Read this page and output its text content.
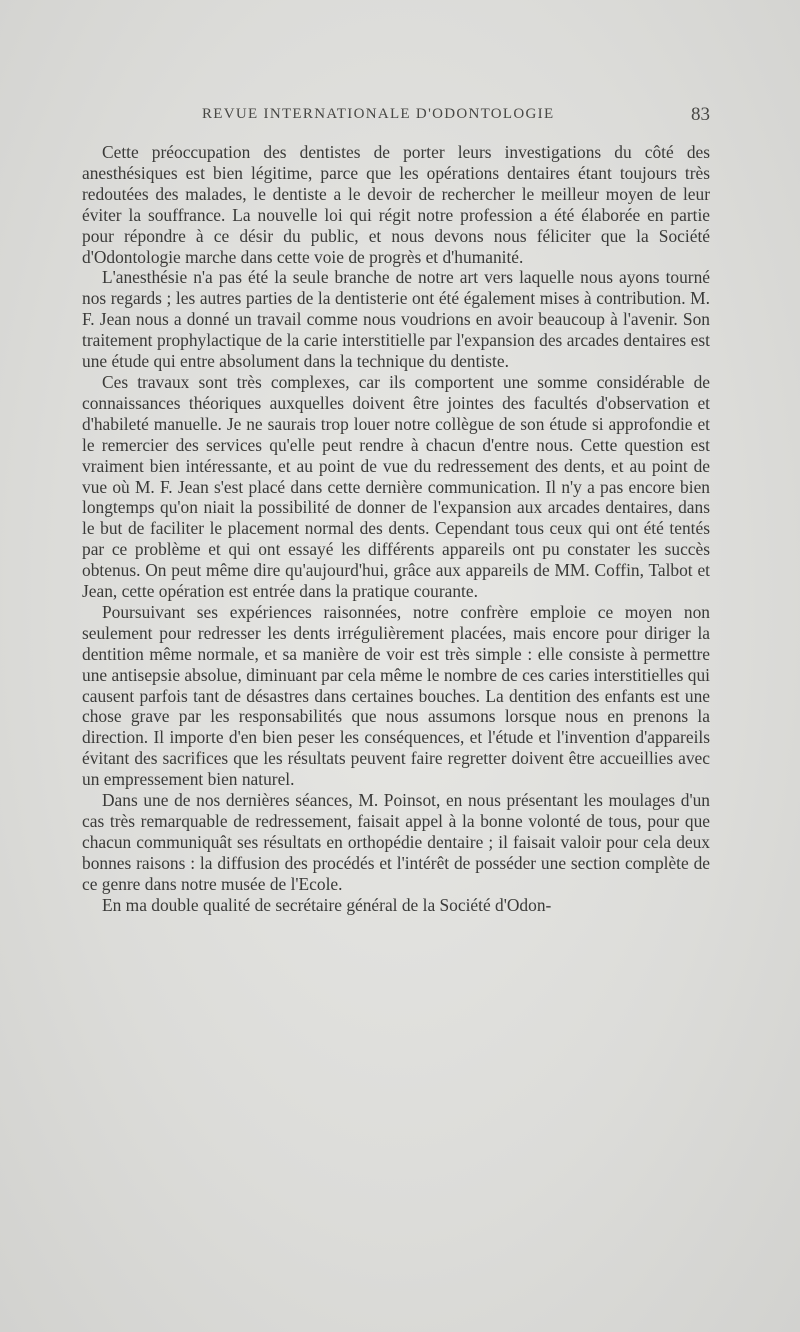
REVUE INTERNATIONALE D'ODONTOLOGIE	83

Cette préoccupation des dentistes de porter leurs investigations du côté des anesthésiques est bien légitime, parce que les opérations dentaires étant toujours très redoutées des malades, le dentiste a le devoir de rechercher le meilleur moyen de leur éviter la souffrance. La nouvelle loi qui régit notre profession a été élaborée en partie pour répondre à ce désir du public, et nous devons nous féliciter que la Société d'Odontologie marche dans cette voie de progrès et d'humanité.

L'anesthésie n'a pas été la seule branche de notre art vers laquelle nous ayons tourné nos regards ; les autres parties de la dentisterie ont été également mises à contribution. M. F. Jean nous a donné un travail comme nous voudrions en avoir beaucoup à l'avenir. Son traitement prophylactique de la carie interstitielle par l'expansion des arcades dentaires est une étude qui entre absolument dans la technique du dentiste.

Ces travaux sont très complexes, car ils comportent une somme considérable de connaissances théoriques auxquelles doivent être jointes des facultés d'observation et d'habileté manuelle. Je ne saurais trop louer notre collègue de son étude si approfondie et le remercier des services qu'elle peut rendre à chacun d'entre nous. Cette question est vraiment bien intéressante, et au point de vue du redressement des dents, et au point de vue où M. F. Jean s'est placé dans cette dernière communication. Il n'y a pas encore bien longtemps qu'on niait la possibilité de donner de l'expansion aux arcades dentaires, dans le but de faciliter le placement normal des dents. Cependant tous ceux qui ont été tentés par ce problème et qui ont essayé les différents appareils ont pu constater les succès obtenus. On peut même dire qu'aujourd'hui, grâce aux appareils de MM. Coffin, Talbot et Jean, cette opération est entrée dans la pratique courante.

Poursuivant ses expériences raisonnées, notre confrère emploie ce moyen non seulement pour redresser les dents irrégulièrement placées, mais encore pour diriger la dentition même normale, et sa manière de voir est très simple : elle consiste à permettre une antisepsie absolue, diminuant par cela même le nombre de ces caries interstitielles qui causent parfois tant de désastres dans certaines bouches. La dentition des enfants est une chose grave par les responsabilités que nous assumons lorsque nous en prenons la direction. Il importe d'en bien peser les conséquences, et l'étude et l'invention d'appareils évitant des sacrifices que les résultats peuvent faire regretter doivent être accueillies avec un empressement bien naturel.

Dans une de nos dernières séances, M. Poinsot, en nous présentant les moulages d'un cas très remarquable de redressement, faisait appel à la bonne volonté de tous, pour que chacun communiquât ses résultats en orthopédie dentaire ; il faisait valoir pour cela deux bonnes raisons : la diffusion des procédés et l'intérêt de posséder une section complète de ce genre dans notre musée de l'Ecole.

En ma double qualité de secrétaire général de la Société d'Odon-
